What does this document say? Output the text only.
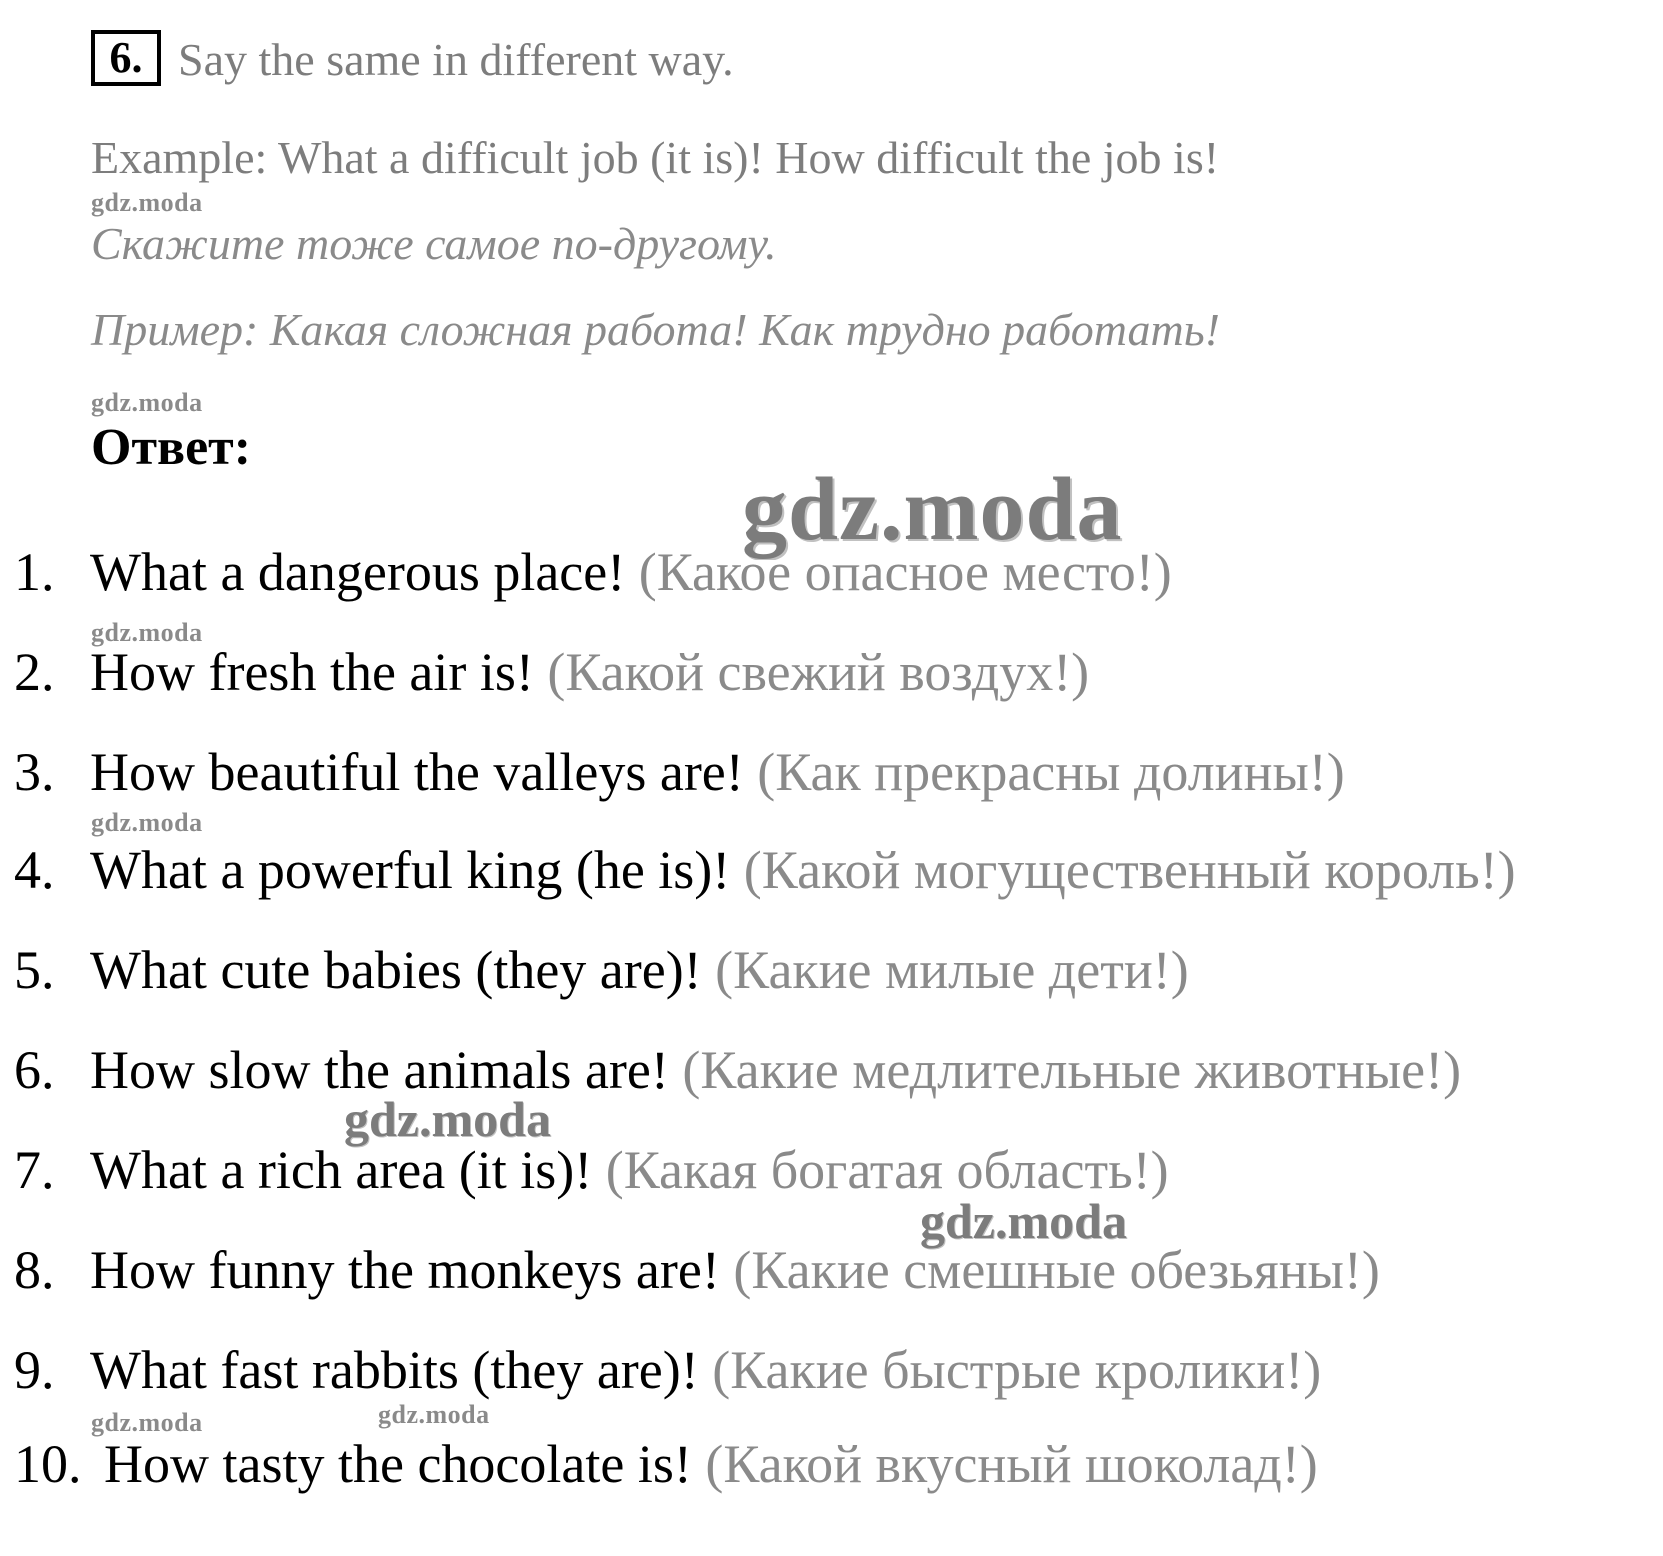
6. Say the same in different way.
Example: What a difficult job (it is)! How difficult the job is!
gdz.moda
Скажите тоже самое по-другому.
Пример: Какая сложная работа! Как трудно работать!
gdz.moda
Ответ:
gdz.moda
1. What a dangerous place! (Какое опасное место!)
gdz.moda
2. How fresh the air is! (Какой свежий воздух!)
3. How beautiful the valleys are! (Как прекрасны долины!)
gdz.moda
4. What a powerful king (he is)! (Какой могущественный король!)
5. What cute babies (they are)! (Какие милые дети!)
6. How slow the animals are! (Какие медлительные животные!)
gdz.moda
7. What a rich area (it is)! (Какая богатая область!)
gdz.moda
8. How funny the monkeys are! (Какие смешные обезьяны!)
9. What fast rabbits (they are)! (Какие быстрые кролики!)
gdz.moda	gdz.moda
10. How tasty the chocolate is! (Какой вкусный шоколад!)
